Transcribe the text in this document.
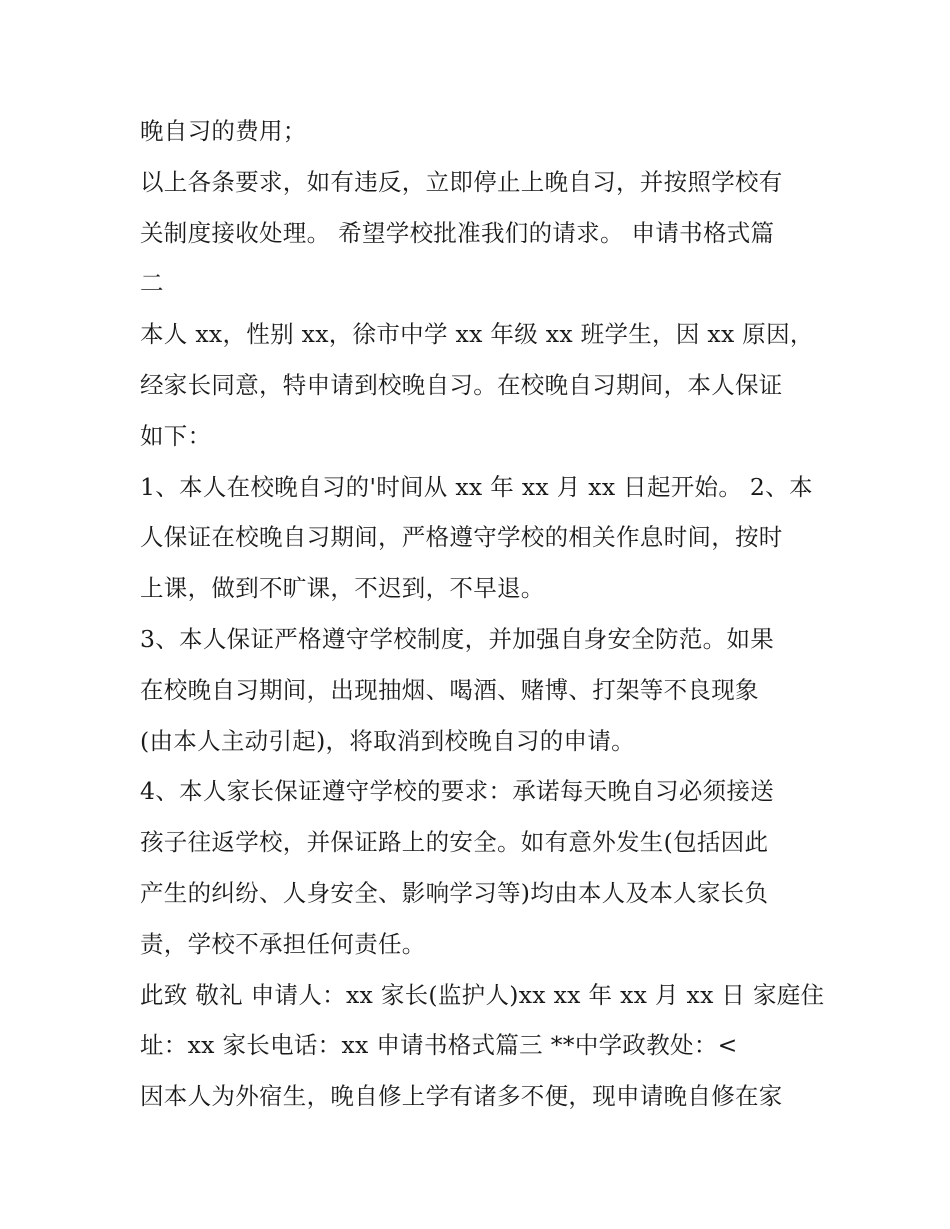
晚自习的费用；
以上各条要求，如有违反，立即停止上晚自习，并按照学校有
关制度接收处理。 希望学校批准我们的请求。 申请书格式篇
二
本人 xx，性别 xx，徐市中学 xx 年级 xx 班学生，因 xx 原因，
经家长同意，特申请到校晚自习。在校晚自习期间，本人保证
如下：
1、本人在校晚自习的'时间从 xx 年 xx 月 xx 日起开始。 2、本
人保证在校晚自习期间，严格遵守学校的相关作息时间，按时
上课，做到不旷课，不迟到，不早退。
3、本人保证严格遵守学校制度，并加强自身安全防范。如果
在校晚自习期间，出现抽烟、喝酒、赌博、打架等不良现象
(由本人主动引起)，将取消到校晚自习的申请。
4、本人家长保证遵守学校的要求：承诺每天晚自习必须接送
孩子往返学校，并保证路上的安全。如有意外发生(包括因此
产生的纠纷、人身安全、影响学习等)均由本人及本人家长负
责，学校不承担任何责任。
此致 敬礼 申请人：xx 家长(监护人)xx xx 年 xx 月 xx 日 家庭住
址：xx 家长电话：xx 申请书格式篇三 **中学政教处：<
因本人为外宿生，晚自修上学有诸多不便，现申请晚自修在家
